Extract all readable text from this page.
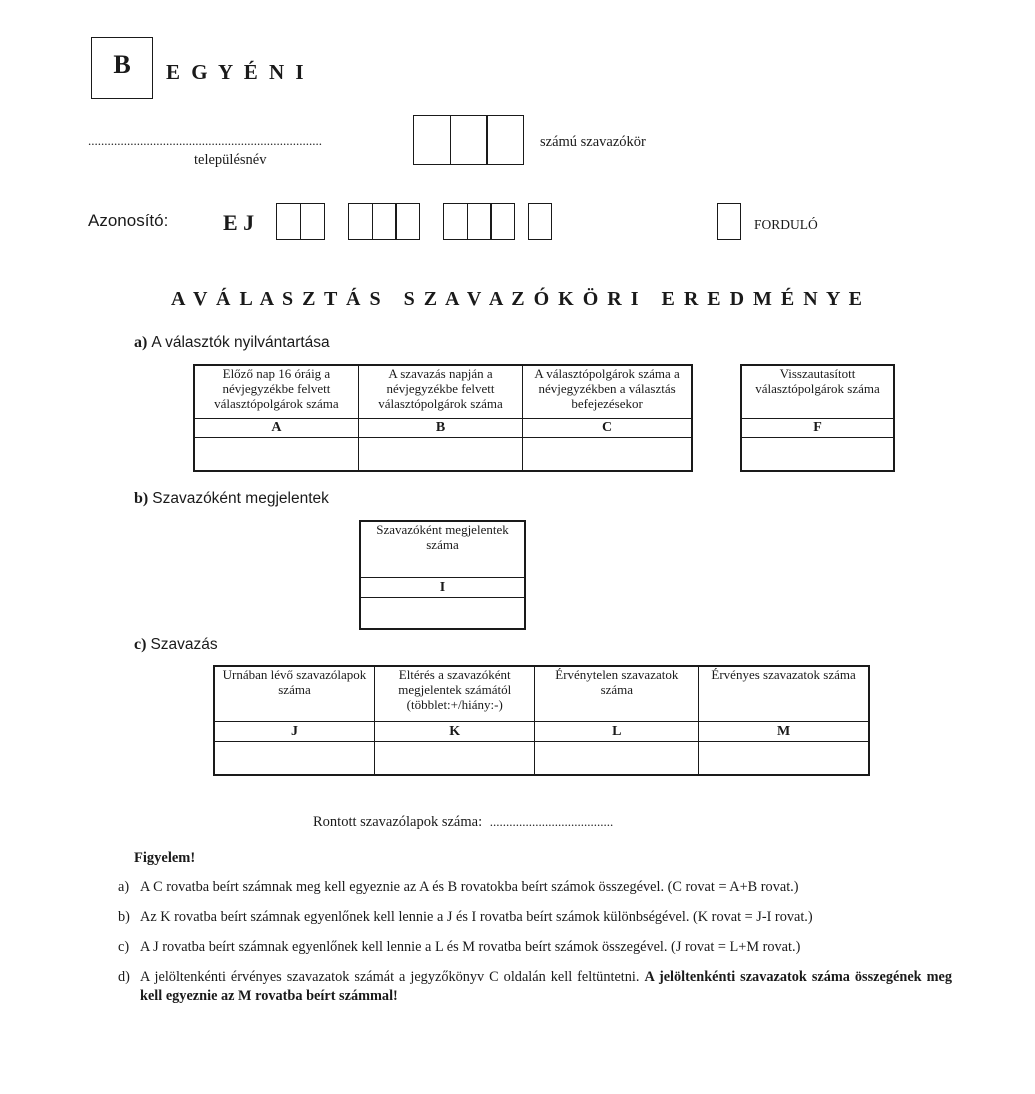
B	E G Y É N I
........................................................................
településnév
számú szavazókör
Azonosító: E J	FORDULÓ
A V Á L A S Z T Á S   S Z A V A Z Ó K Ö R I   E R E D M É N Y E
a) A választók nyilvántartása
Előző nap 16 óráig a névjegyzékbe felvett választópolgárok száma	A szavazás napján a névjegyzékbe felvett választópolgárok száma	A választópolgárok száma a névjegyzékben a választás befejezésekor
A	B	C

Visszautasított választópolgárok száma
F

b) Szavazóként megjelentek
Szavazóként megjelentek száma
I

c) Szavazás
Urnában lévő szavazólapok száma	Eltérés a szavazóként megjelentek számától (többlet:+/hiány:-)	Érvénytelen szavazatok száma	Érvényes szavazatok száma
J	K	L	M

Rontott szavazólapok száma: ......................................
Figyelem!
a) A C rovatba beírt számnak meg kell egyeznie az A és B rovatokba beírt számok összegével. (C rovat = A+B rovat.)
b) Az K rovatba beírt számnak egyenlőnek kell lennie a J és I rovatba beírt számok különbségével. (K rovat = J-I rovat.)
c) A J rovatba beírt számnak egyenlőnek kell lennie a L és M rovatba beírt számok összegével. (J rovat = L+M rovat.)
d) A jelöltenkénti érvényes szavazatok számát a jegyzőkönyv C oldalán kell feltüntetni. A jelöltenkénti szavazatok száma összegének meg kell egyeznie az M rovatba beírt számmal!
